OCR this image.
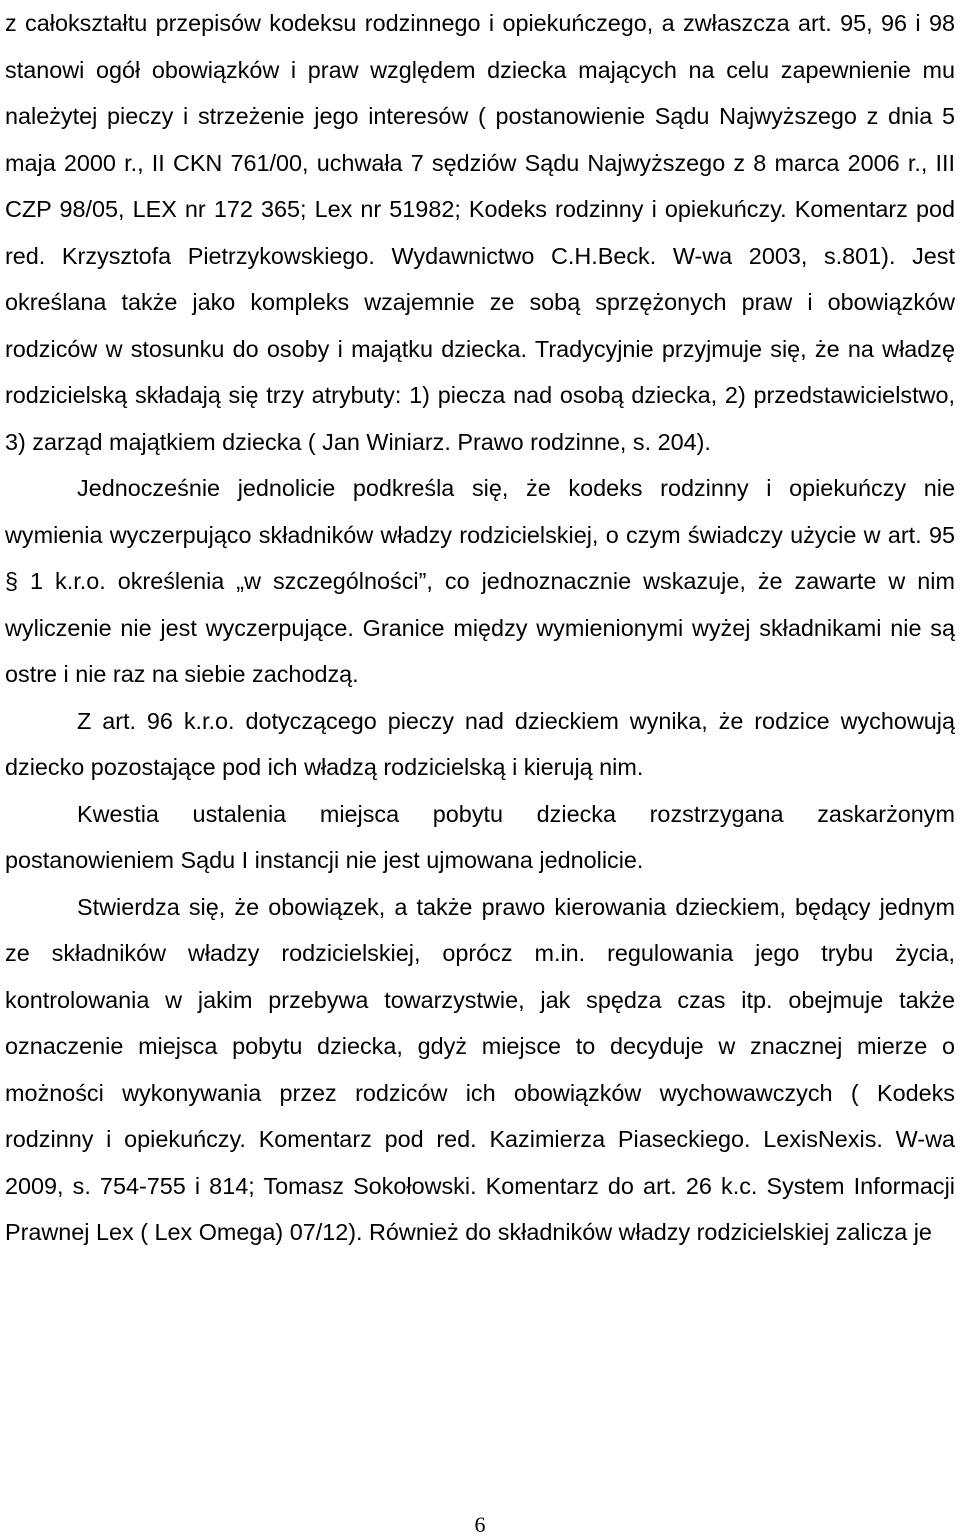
z całokształtu przepisów kodeksu rodzinnego i opiekuńczego, a zwłaszcza art. 95, 96 i 98 stanowi ogół obowiązków i praw względem dziecka mających na celu zapewnienie mu należytej pieczy i strzeżenie jego interesów ( postanowienie Sądu Najwyższego z dnia 5 maja 2000 r., II CKN 761/00, uchwała 7 sędziów Sądu Najwyższego z 8 marca 2006 r., III CZP 98/05, LEX nr 172 365; Lex nr 51982; Kodeks rodzinny i opiekuńczy. Komentarz pod red. Krzysztofa Pietrzykowskiego. Wydawnictwo C.H.Beck. W-wa 2003, s.801). Jest określana także jako kompleks wzajemnie ze sobą sprzężonych praw i obowiązków rodziców w stosunku do osoby i majątku dziecka. Tradycyjnie przyjmuje się, że na władzę rodzicielską składają się trzy atrybuty: 1) piecza nad osobą dziecka, 2) przedstawicielstwo, 3) zarząd majątkiem dziecka ( Jan Winiarz. Prawo rodzinne, s. 204).

Jednocześnie jednolicie podkreśla się, że kodeks rodzinny i opiekuńczy nie wymienia wyczerpująco składników władzy rodzicielskiej, o czym świadczy użycie w art. 95 § 1 k.r.o. określenia „w szczególności”, co jednoznacznie wskazuje, że zawarte w nim wyliczenie nie jest wyczerpujące. Granice między wymienionymi wyżej składnikami nie są ostre i nie raz na siebie zachodzą.

Z art. 96 k.r.o. dotyczącego pieczy nad dzieckiem wynika, że rodzice wychowują dziecko pozostające pod ich władzą rodzicielską i kierują nim.

Kwestia ustalenia miejsca pobytu dziecka rozstrzygana zaskarżonym postanowieniem Sądu I instancji nie jest ujmowana jednolicie.

Stwierdza się, że obowiązek, a także prawo kierowania dzieckiem, będący jednym ze składników władzy rodzicielskiej, oprócz m.in. regulowania jego trybu życia, kontrolowania w jakim przebywa towarzystwie, jak spędza czas itp. obejmuje także oznaczenie miejsca pobytu dziecka, gdyż miejsce to decyduje w znacznej mierze o możności wykonywania przez rodziców ich obowiązków wychowawczych ( Kodeks rodzinny i opiekuńczy. Komentarz pod red. Kazimierza Piaseckiego. LexisNexis. W-wa 2009, s. 754-755 i 814; Tomasz Sokołowski. Komentarz do art. 26 k.c. System Informacji Prawnej Lex ( Lex Omega) 07/12). Również do składników władzy rodzicielskiej zalicza je

6
